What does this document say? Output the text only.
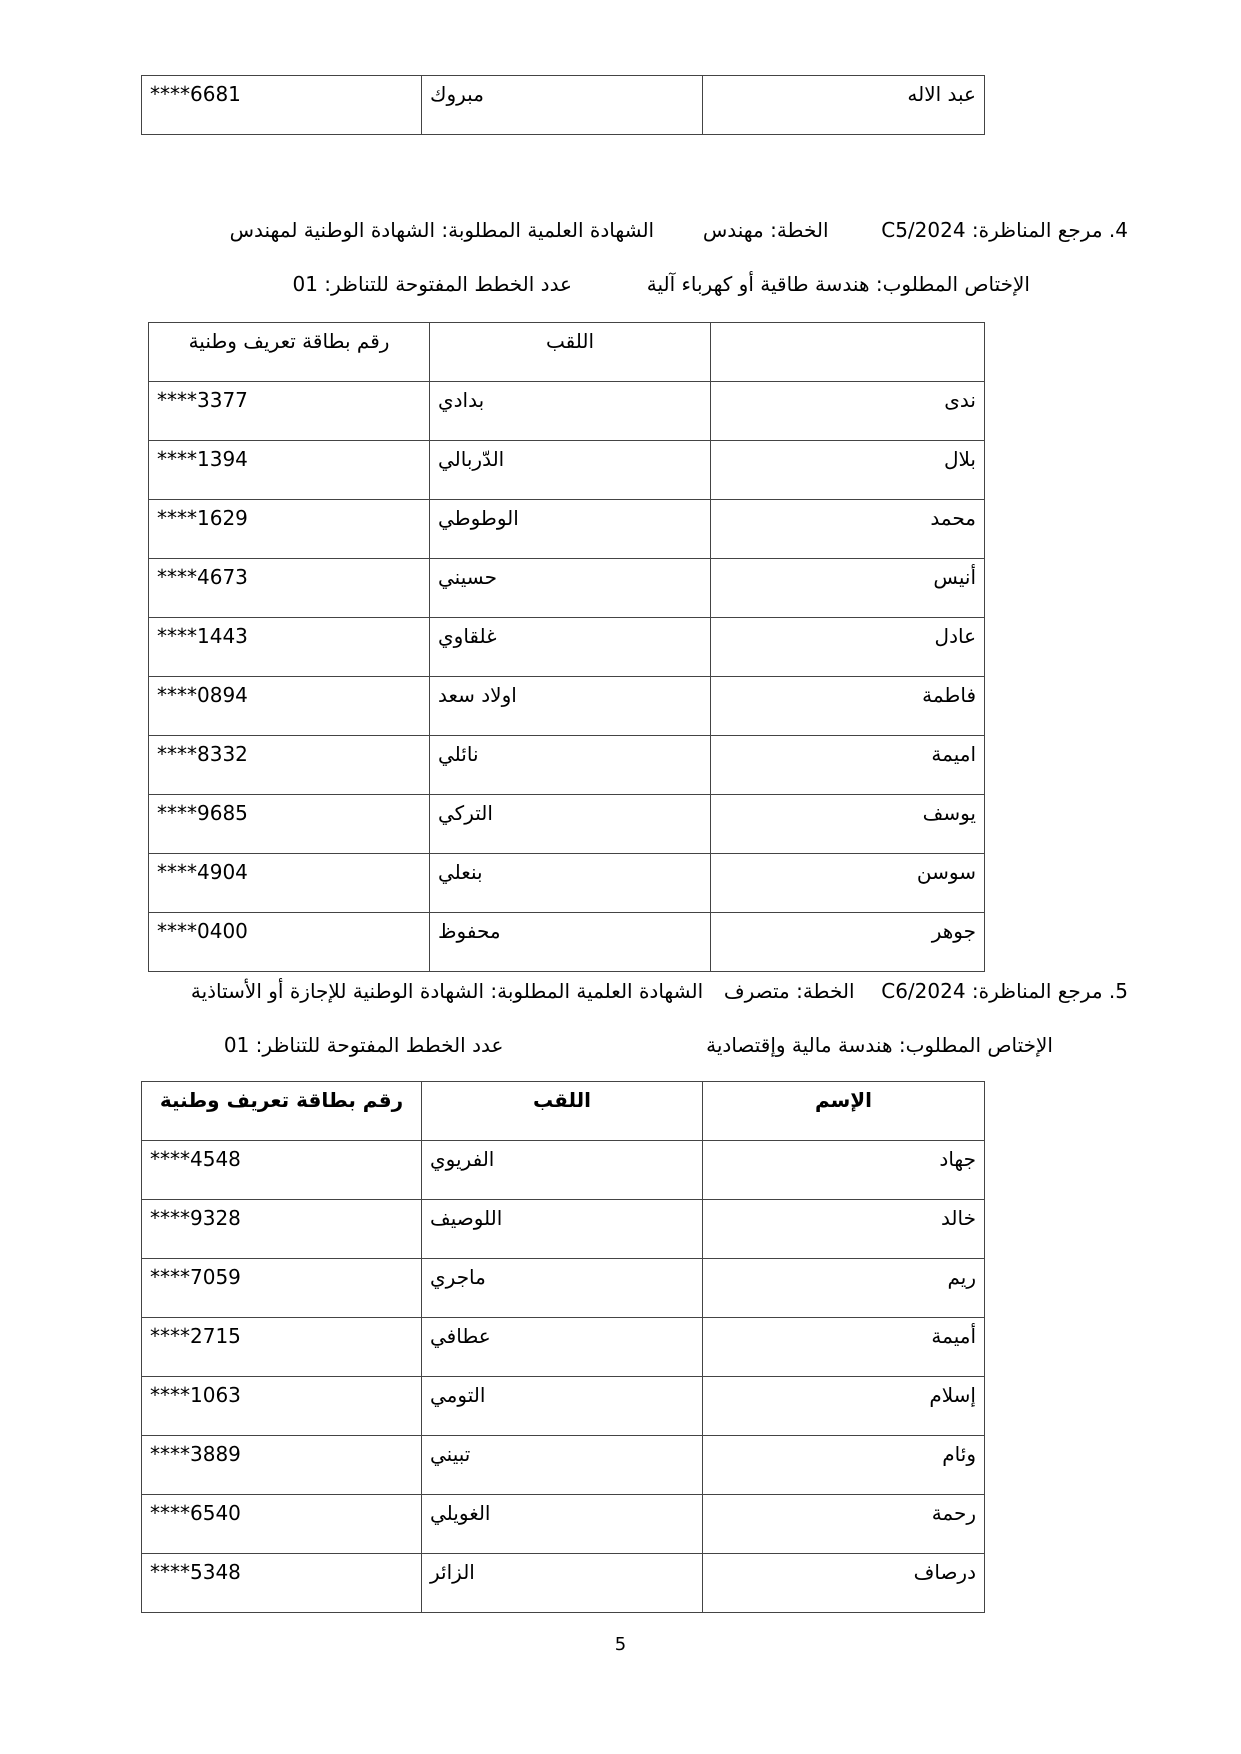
عبد الاله	مبروك	****6681
4. مرجع المناظرة: C5/2024  الخطة: مهندس  الشهادة العلمية المطلوبة: الشهادة الوطنية لمهندس
الإختاص المطلوب: هندسة طاقية أو كهرباء آلية  عدد الخطط المفتوحة للتناظر: 01
	اللقب	رقم بطاقة تعريف وطنية
ندى	بدادي	****3377
بلال	الدّربالي	****1394
محمد	الوطوطي	****1629
أنيس	حسيني	****4673
عادل	غلقاوي	****1443
فاطمة	اولاد سعد	****0894
اميمة	نائلي	****8332
يوسف	التركي	****9685
سوسن	بنعلي	****4904
جوهر	محفوظ	****0400
5. مرجع المناظرة: C6/2024  الخطة: متصرف  الشهادة العلمية المطلوبة: الشهادة الوطنية للإجازة أو الأستاذية
الإختاص المطلوب: هندسة مالية وإقتصادية  عدد الخطط المفتوحة للتناظر: 01
الإسم	اللقب	رقم بطاقة تعريف وطنية
جهاد	الفريوي	****4548
خالد	اللوصيف	****9328
ريم	ماجري	****7059
أميمة	عطافي	****2715
إسلام	التومي	****1063
وئام	تبيني	****3889
رحمة	الغويلي	****6540
درصاف	الزائر	****5348
5
